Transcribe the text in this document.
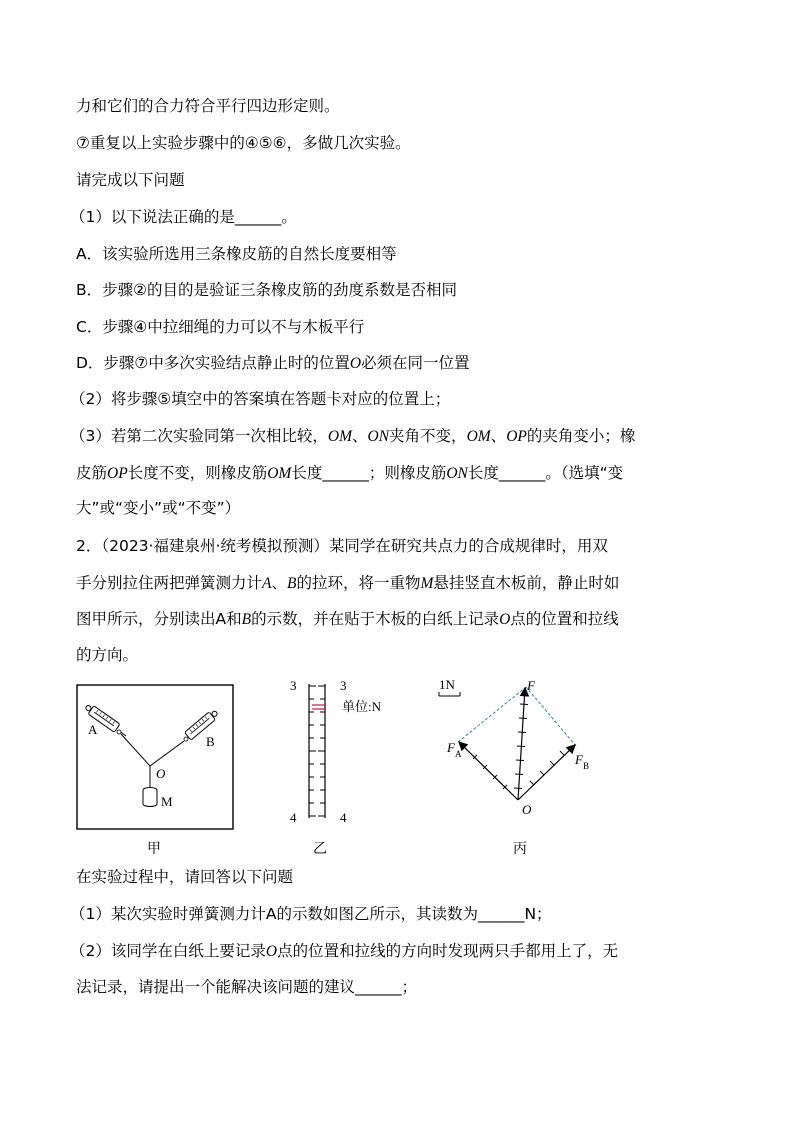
力和它们的合力符合平行四边形定则。
⑦重复以上实验步骤中的④⑤⑥，多做几次实验。
请完成以下问题
（1）以下说法正确的是______。
A．该实验所选用三条橡皮筋的自然长度要相等
B．步骤②的目的是验证三条橡皮筋的劲度系数是否相同
C．步骤④中拉细绳的力可以不与木板平行
D．步骤⑦中多次实验结点静止时的位置O必须在同一位置
（2）将步骤⑤填空中的答案填在答题卡对应的位置上；
（3）若第二次实验同第一次相比较，OM、ON夹角不变，OM、OP的夹角变小；橡
皮筋OP长度不变，则橡皮筋OM长度______；则橡皮筋ON长度______。（选填“变
大”或“变小”或“不变”）
2．（2023·福建泉州·统考模拟预测）某同学在研究共点力的合成规律时，用双
手分别拉住两把弹簧测力计A、B的拉环，将一重物M悬挂竖直木板前，静止时如
图甲所示，分别读出A和B的示数，并在贴于木板的白纸上记录O点的位置和拉线
的方向。
A
B
O
M
甲
3	3
4	4
单位:N
乙
1N	F
F A	F B
O
丙
在实验过程中，请回答以下问题
（1）某次实验时弹簧测力计A的示数如图乙所示，其读数为______N；
（2）该同学在白纸上要记录O点的位置和拉线的方向时发现两只手都用上了，无
法记录，请提出一个能解决该问题的建议______；
